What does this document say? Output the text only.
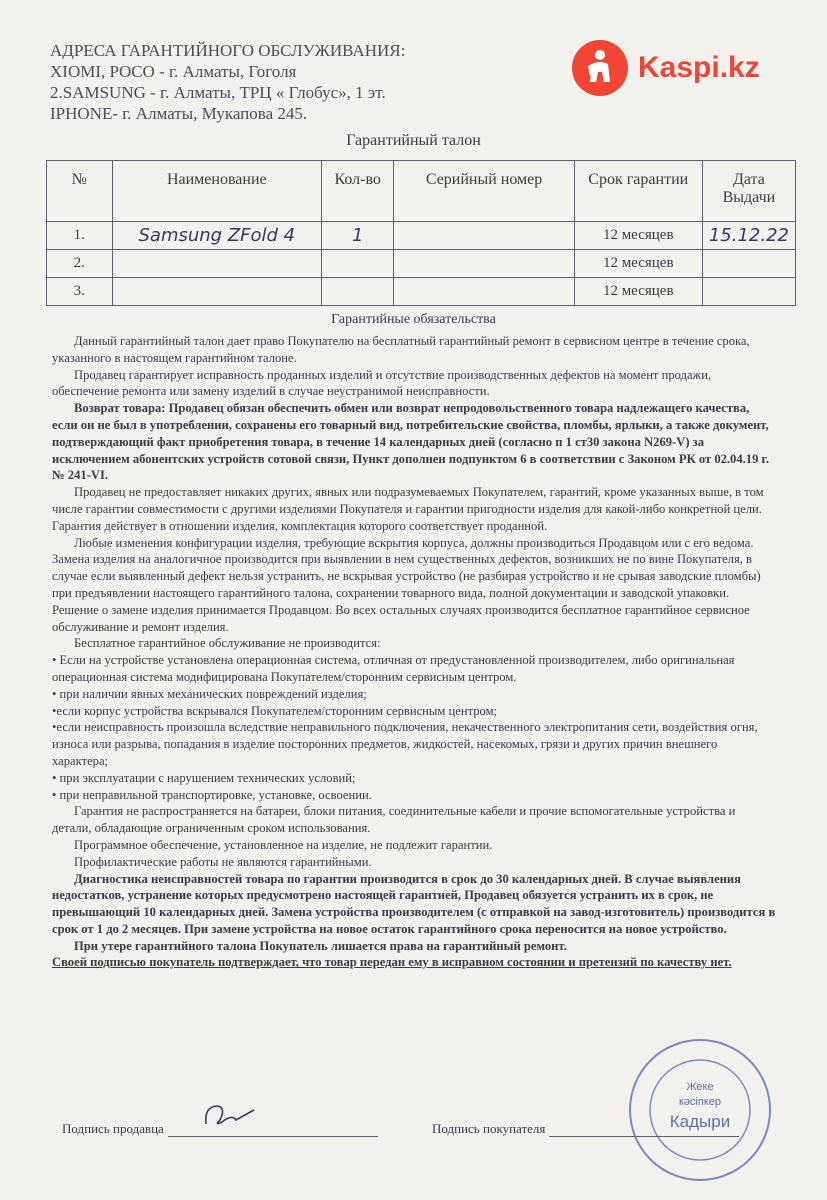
АДРЕСА ГАРАНТИЙНОГО ОБСЛУЖИВАНИЯ:
XIOMI, POCO - г. Алматы, Гоголя
2.SAMSUNG - г. Алматы, ТРЦ « Глобус», 1 эт.
IPHONE- г. Алматы, Мукапова 245.
Kaspi.kz
Гарантийный талон
№	Наименование	Кол-во	Серийный номер	Срок гарантии	Дата Выдачи
1.	Samsung ZFold 4	1		12 месяцев	15.12.22
2.				12 месяцев	
3.				12 месяцев	
Гарантийные обязательства

Данный гарантийный талон дает право Покупателю на бесплатный гарантийный ремонт в сервисном центре в течение срока, указанного в настоящем гарантийном талоне.

Продавец гарантирует исправность проданных изделий и отсутствие производственных дефектов на момент продажи, обеспечение ремонта или замену изделий в случае неустранимой неисправности.

Возврат товара: Продавец обязан обеспечить обмен или возврат непродовольственного товара надлежащего качества, если он не был в употреблении, сохранены его товарный вид, потребительские свойства, пломбы, ярлыки, а также документ, подтверждающий факт приобретения товара, в течение 14 календарных дней (согласно п 1 ст30 закона N269-V) за исключением абонентских устройств сотовой связи, Пункт дополнен подпунктом 6 в соответствии с Законом РК от 02.04.19 г. № 241-VI.

Продавец не предоставляет никаких других, явных или подразумеваемых Покупателем, гарантий, кроме указанных выше, в том числе гарантии совместимости с другими изделиями Покупателя и гарантии пригодности изделия для какой-либо конкретной цели. Гарантия действует в отношении изделия, комплектация которого соответствует проданной.

Любые изменения конфигурации изделия, требующие вскрытия корпуса, должны производиться Продавцом или с его ведома. Замена изделия на аналогичное производится при выявлении в нем существенных дефектов, возникших не по вине Покупателя, в случае если выявленный дефект нельзя устранить, не вскрывая устройство (не разбирая устройство и не срывая заводские пломбы) при предъявлении настоящего гарантийного талона, сохранении товарного вида, полной документации и заводской упаковки. Решение о замене изделия принимается Продавцом. Во всех остальных случаях производится бесплатное гарантийное сервисное обслуживание и ремонт изделия.

Бесплатное гарантийное обслуживание не производится:

• Если на устройстве установлена операционная система, отличная от предустановленной производителем, либо оригинальная операционная система модифицирована Покупателем/сторонним сервисным центром.

• при наличии явных механических повреждений изделия;

•если корпус устройства вскрывался Покупателем/сторонним сервисным центром;

•если неисправность произошла вследствие неправильного подключения, некачественного электропитания сети, воздействия огня, износа или разрыва, попадания в изделие посторонних предметов, жидкостей, насекомых, грязи и других причин внешнего характера;

• при эксплуатации с нарушением технических условий;

• при неправильной транспортировке, установке, освоении.

Гарантия не распространяется на батареи, блоки питания, соединительные кабели и прочие вспомогательные устройства и детали, обладающие ограниченным сроком использования.

Программное обеспечение, установленное на изделие, не подлежит гарантии.

Профилактические работы не являются гарантийными.

Диагностика неисправностей товара по гарантии производится в срок до 30 календарных дней. В случае выявления недостатков, устранение которых предусмотрено настоящей гарантией, Продавец обязуется устранить их в срок, не превышающий 10 календарных дней. Замена устройства производителем (с отправкой на завод-изготовитель) производится в срок от 1 до 2 месяцев. При замене устройства на новое остаток гарантийного срока переносится на новое устройство.

При утере гарантийного талона Покупатель лишается права на гарантийный ремонт.

Своей подписью покупатель подтверждает, что товар передан ему в исправном состоянии и претензий по качеству нет.

Подпись продавца	Подпись покупателя
Жеке
кәсіпкер
Кадыри
